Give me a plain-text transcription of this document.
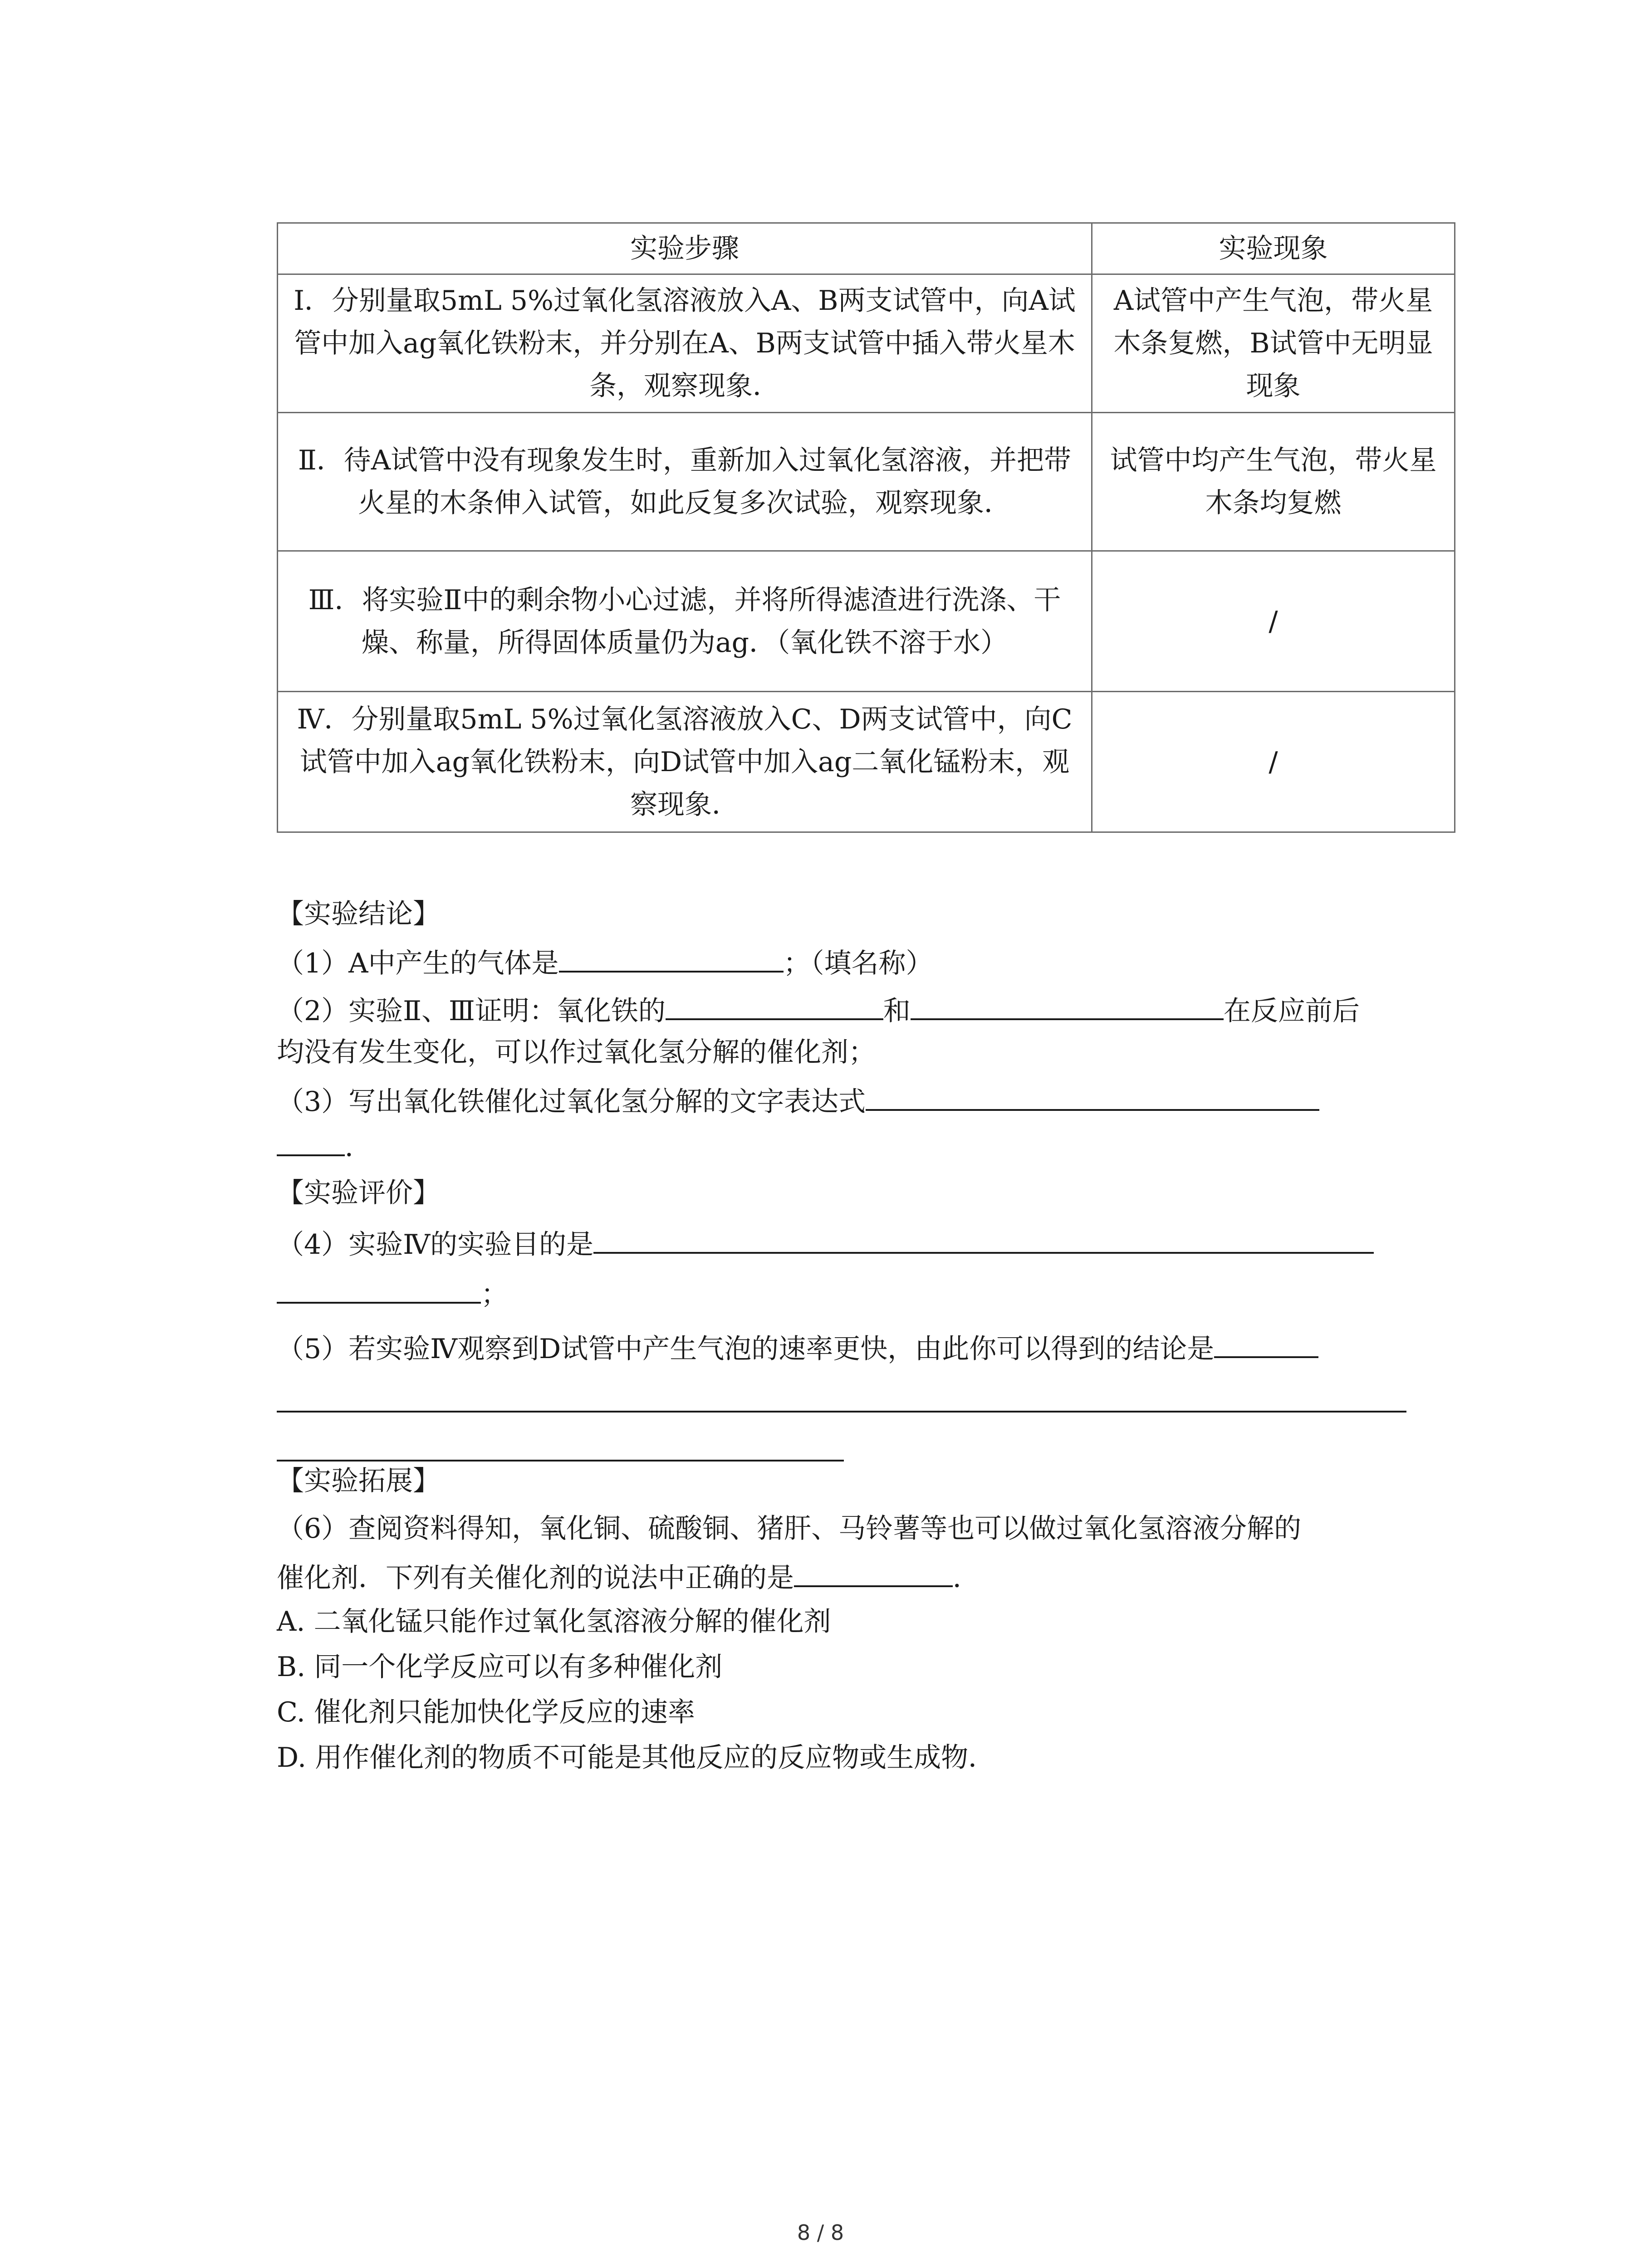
实验步骤	实验现象
Ⅰ．分别量取5mL 5%过氧化氢溶液放入A、B两支试管中，向A试管中加入ag氧化铁粉末，并分别在A、B两支试管中插入带火星木条，观察现象．	A试管中产生气泡，带火星木条复燃，B试管中无明显现象
Ⅱ．待A试管中没有现象发生时，重新加入过氧化氢溶液，并把带火星的木条伸入试管，如此反复多次试验，观察现象．	试管中均产生气泡，带火星木条均复燃
Ⅲ．将实验Ⅱ中的剩余物小心过滤，并将所得滤渣进行洗涤、干燥、称量，所得固体质量仍为ag．（氧化铁不溶于水）	/
Ⅳ．分别量取5mL 5%过氧化氢溶液放入C、D两支试管中，向C试管中加入ag氧化铁粉末，向D试管中加入ag二氧化锰粉末，观察现象．	/
【实验结论】
（1）A中产生的气体是	；（填名称）
（2）实验Ⅱ、Ⅲ证明：氧化铁的	和	在反应前后
均没有发生变化，可以作过氧化氢分解的催化剂；
（3）写出氧化铁催化过氧化氢分解的文字表达式
．
【实验评价】
（4）实验Ⅳ的实验目的是
；
（5）若实验Ⅳ观察到D试管中产生气泡的速率更快，由此你可以得到的结论是
【实验拓展】
（6）查阅资料得知，氧化铜、硫酸铜、猪肝、马铃薯等也可以做过氧化氢溶液分解的
催化剂．下列有关催化剂的说法中正确的是	．
A. 二氧化锰只能作过氧化氢溶液分解的催化剂
B. 同一个化学反应可以有多种催化剂
C. 催化剂只能加快化学反应的速率
D. 用作催化剂的物质不可能是其他反应的反应物或生成物．
8 / 8
